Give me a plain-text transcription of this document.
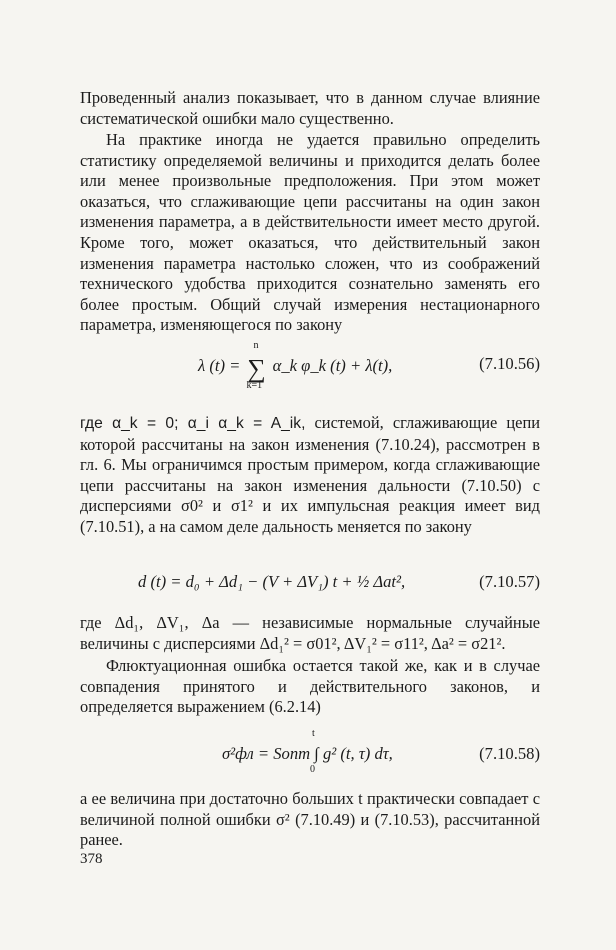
Проведенный анализ показывает, что в данном случае влияние систематической ошибки мало существенно.

На практике иногда не удается правильно определить статистику определяемой величины и приходится делать более или менее произвольные предположения. При этом может оказаться, что сглаживающие цепи рассчитаны на один закон изменения параметра, а в действительности имеет место другой. Кроме того, может оказаться, что действительный закон изменения параметра настолько сложен, что из соображений технического удобства приходится сознательно заменять его более простым. Общий случай измерения нестационарного параметра, изменяющегося по закону

λ (t) =
n
∑
k=1
α_k φ_k (t) + λ(t),	(7.10.56)

где α_k = 0; α_i α_k = A_ik, системой, сглаживающие цепи которой рассчитаны на закон изменения (7.10.24), рассмотрен в гл. 6. Мы ограничимся простым примером, когда сглаживающие цепи рассчитаны на закон изменения дальности (7.10.50) с дисперсиями σ0² и σ1² и их импульсная реакция имеет вид (7.10.51), а на самом деле дальность меняется по закону

d (t) = d₀ + Δd₁ − (V + ΔV₁) t + ½ Δat²,	(7.10.57)

где Δd₁, ΔV₁, Δa — независимые нормальные случайные величины с дисперсиями Δd₁² = σ01², ΔV₁² = σ11², Δa² = σ21².

Флюктуационная ошибка остается такой же, как и в случае совпадения принятого и действительного законов, и определяется выражением (6.2.14)

σ²фл = Sопт ∫ g² (t, τ) dτ,
t
0
(7.10.58)

а ее величина при достаточно больших t практически совпадает с величиной полной ошибки σ² (7.10.49) и (7.10.53), рассчитанной ранее.

378
